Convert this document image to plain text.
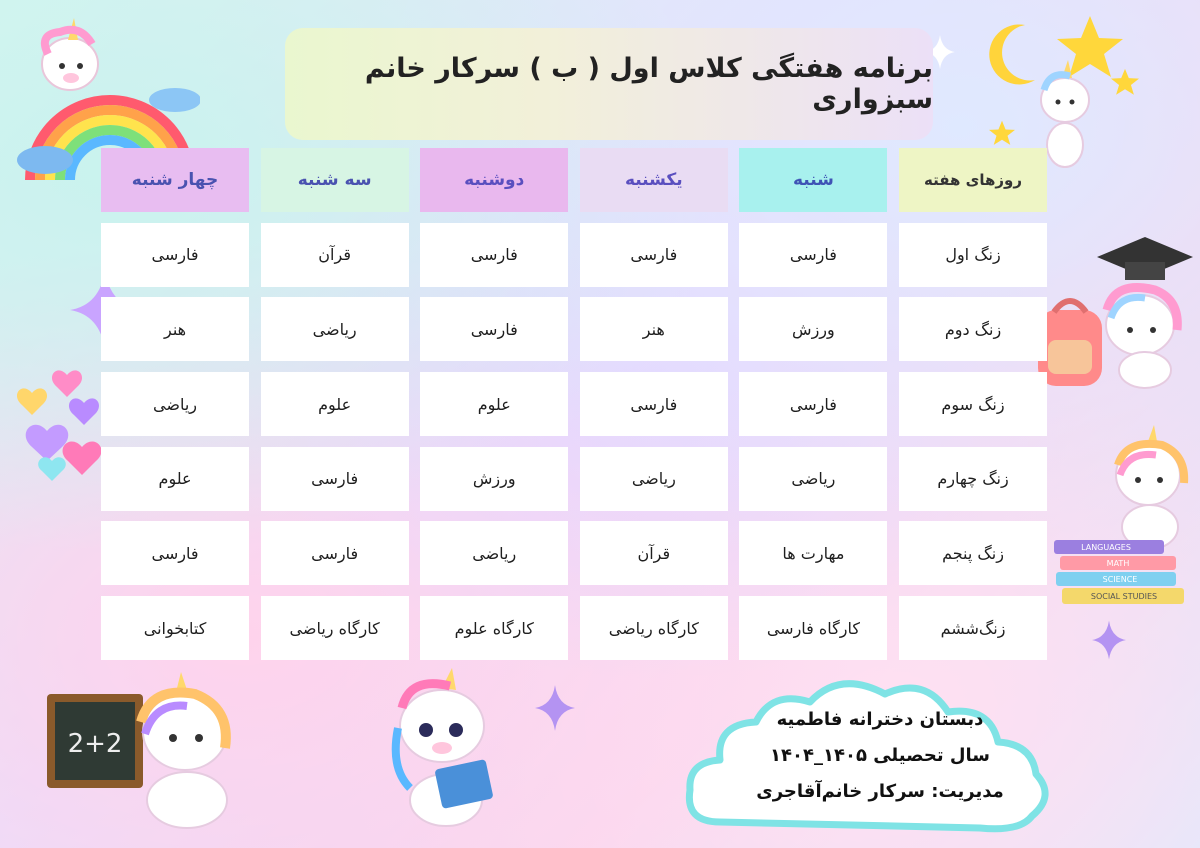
LANGUAGES
MATH
SCIENCE
SOCIAL STUDIES
2+2
برنامه هفتگی کلاس اول ( ب ) سرکار خانم سبزواری
روزهای هفته
شنبه
یکشنبه
دوشنبه
سه شنبه
چهار شنبه
زنگ اول
فارسی
فارسی
فارسی
قرآن
فارسی
زنگ دوم
ورزش
هنر
فارسی
ریاضی
هنر
زنگ سوم
فارسی
فارسی
علوم
علوم
ریاضی
زنگ چهارم
ریاضی
ریاضی
ورزش
فارسی
علوم
زنگ پنجم
مهارت ها
قرآن
ریاضی
فارسی
فارسی
زنگ‌ششم
کارگاه فارسی
کارگاه ریاضی
کارگاه علوم
کارگاه ریاضی
کتابخوانی
دبستان دخترانه فاطمیه
سال تحصیلی ۱۴۰۵_۱۴۰۴
مدیریت: سرکار خانم‌آقاجری
